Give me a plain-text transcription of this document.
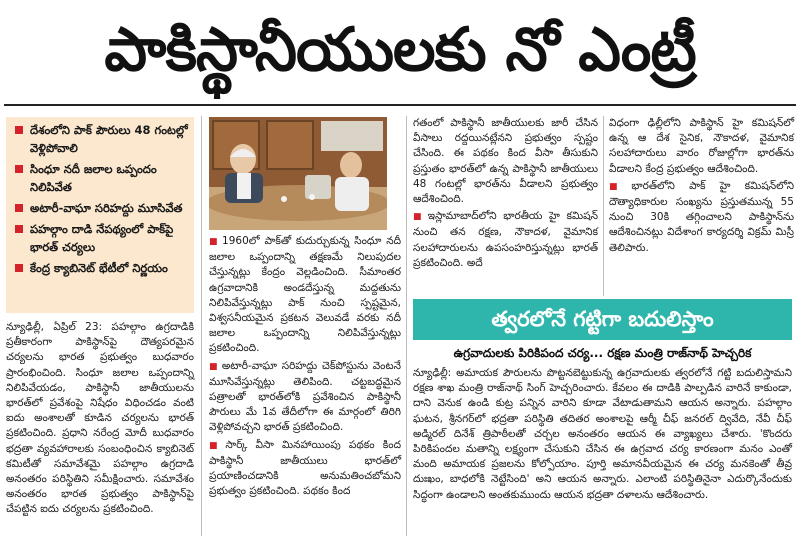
పాకిస్థానీయులకు నో ఎంట్రీ
దేశంలోని పాక్ పౌరులు 48 గంటల్లో వెళ్లిపోవాలి
సింధూ నదీ జలాల ఒప్పందం నిలిపివేత
అటారీ-వాఘా సరిహద్దు మూసివేత
పహల్గాం దాడి నేపథ్యంలో పాక్‌పై భారత్ చర్యలు
కేంద్ర క్యాబినెట్ భేటీలో నిర్ణయం

న్యూఢిల్లీ, ఏప్రిల్ 23: పహల్గాం ఉగ్రదాడికి ప్రతీకారంగా పాకిస్థాన్‌పై దౌత్యపరమైన చర్యలను భారత ప్రభుత్వం బుధవారం ప్రారంభించింది. సింధూ జలాల ఒప్పందాన్ని నిలిపివేయడం, పాకిస్థానీ జాతీయులను భారత్‌లో ప్రవేశంపై నిషేధం విధించడం వంటి ఐదు అంశాలతో కూడిన చర్యలను భారత్ ప్రకటించింది. ప్రధాని నరేంద్ర మోదీ బుధవారం భద్రతా వ్యవహారాలకు సంబంధించిన క్యాబినెట్ కమిటీతో సమావేశమై పహల్గాం ఉగ్రదాడి అనంతరం పరిస్థితిని సమీక్షించారు. సమావేశం అనంతరం భారత ప్రభుత్వం పాకిస్థాన్‌పై చేపట్టిన ఐదు చర్యలను ప్రకటించింది.

■ 1960లో పాక్‌తో కుదుర్చుకున్న సింధూ నదీ జలాల ఒప్పందాన్ని తక్షణమే నిలుపుదల చేస్తున్నట్లు కేంద్రం వెల్లడించింది. సీమాంతర ఉగ్రవాదానికి అండదేస్తున్న మద్దతును నిలిపివేస్తున్నట్లు పాక్ నుంచి స్పష్టమైన, విశ్వసనీయమైన ప్రకటన వెలువడే వరకు నదీ జలాల ఒప్పందాన్ని నిలిపివేస్తున్నట్లు ప్రకటించింది.

■ అటారీ-వాఘా సరిహద్దు చెక్‌పోస్టును వెంటనే మూసివేస్తున్నట్లు తెలిపింది. చట్టబద్ధమైన పత్రాలతో భారత్‌లోకి ప్రవేశించిన పాకిస్థానీ పౌరులు మే 1వ తేదీలోగా ఈ మార్గంలో తిరిగి వెళ్లిపోవచ్చని భారత్ ప్రకటించింది.

■ సార్క్ వీసా మినహాయింపు పథకం కింద పాకిస్థానీ జాతీయులు భారత్‌లో ప్రయాణించడానికి అనుమతించబోమని ప్రభుత్వం ప్రకటించింది. పథకం కింద

గతంలో పాకిస్థానీ జాతీయులకు జారీ చేసిన వీసాలు రద్దయినట్లేనని ప్రభుత్వం స్పష్టం చేసింది. ఈ పథకం కింద వీసా తీసుకుని ప్రస్తుతం భారత్‌లో ఉన్న పాకిస్థానీ జాతీయులు 48 గంటల్లో భారత్‌ను వీడాలని ప్రభుత్వం ఆదేశించింది.

■ ఇస్లామాబాద్‌లోని భారతీయ హై కమిషన్ నుంచి తన రక్షణ, నౌకాదళ, వైమానిక సలహాదారులను ఉపసంహరిస్తున్నట్లు భారత్ ప్రకటించింది. అదే

విధంగా ఢిల్లీలోని పాకిస్థాన్ హై కమిషన్‌లో ఉన్న ఆ దేశ సైనిక, నౌకాదళ, వైమానిక సలహాదారులు వారం రోజుల్లోగా భారత్‌ను వీడాలని కేంద్ర ప్రభుత్వం ఆదేశించింది.

■ భారత్‌లోని పాక్ హై కమిషన్‌లోని దౌత్యాధికారుల సంఖ్యను ప్రస్తుతమున్న 55 నుంచి 30కి తగ్గించాలని పాకిస్థాన్‌ను ఆదేశించినట్లు విదేశాంగ కార్యదర్శి విక్రమ్ మిస్రీ తెలిపారు.

త్వరలోనే గట్టిగా బదులిస్తాం
ఉగ్రవాదులకు పిరికిపంద చర్య... రక్షణ మంత్రి రాజ్‌నాథ్ హెచ్చరిక

న్యూఢిల్లీ: అమాయక పౌరులను పొట్టనబెట్టుకున్న ఉగ్రవాదులకు త్వరలోనే గట్టి బదులిస్తామని రక్షణ శాఖ మంత్రి రాజ్‌నాథ్ సింగ్ హెచ్చరించారు. కేవలం ఈ దాడికి పాల్పడిన వారినే కాకుండా, దాని వెనుక ఉండి కుట్ర పన్నిన వారిని కూడా వేటాడుతామని ఆయన అన్నారు. పహల్గాం ఘటన, శ్రీనగర్‌లో భద్రతా పరిస్థితి తదితర అంశాలపై ఆర్మీ చీఫ్ జనరల్ ద్వివేది, నేవీ చీఫ్ అడ్మిరల్ దినేశ్ త్రిపాఠీలతో చర్చల అనంతరం ఆయన ఈ వ్యాఖ్యలు చేశారు. 'కొందరు పిరికిపందల మతాన్ని లక్ష్యంగా చేసుకుని చేసిన ఈ ఉగ్రవాద చర్య కారణంగా మనం ఎంతో మంది అమాయక ప్రజలను కోల్పోయాం. పూర్తి అమానవీయమైన ఈ చర్య మనకెంతో తీవ్ర దుఃఖం, బాధలోకి నెట్టేసింది' అని ఆయన అన్నారు. ఎలాంటి పరిస్థితినైనా ఎదుర్కొనేందుకు సిద్ధంగా ఉండాలని అంతకుముందు ఆయన భద్రతా దళాలను ఆదేశించారు.
